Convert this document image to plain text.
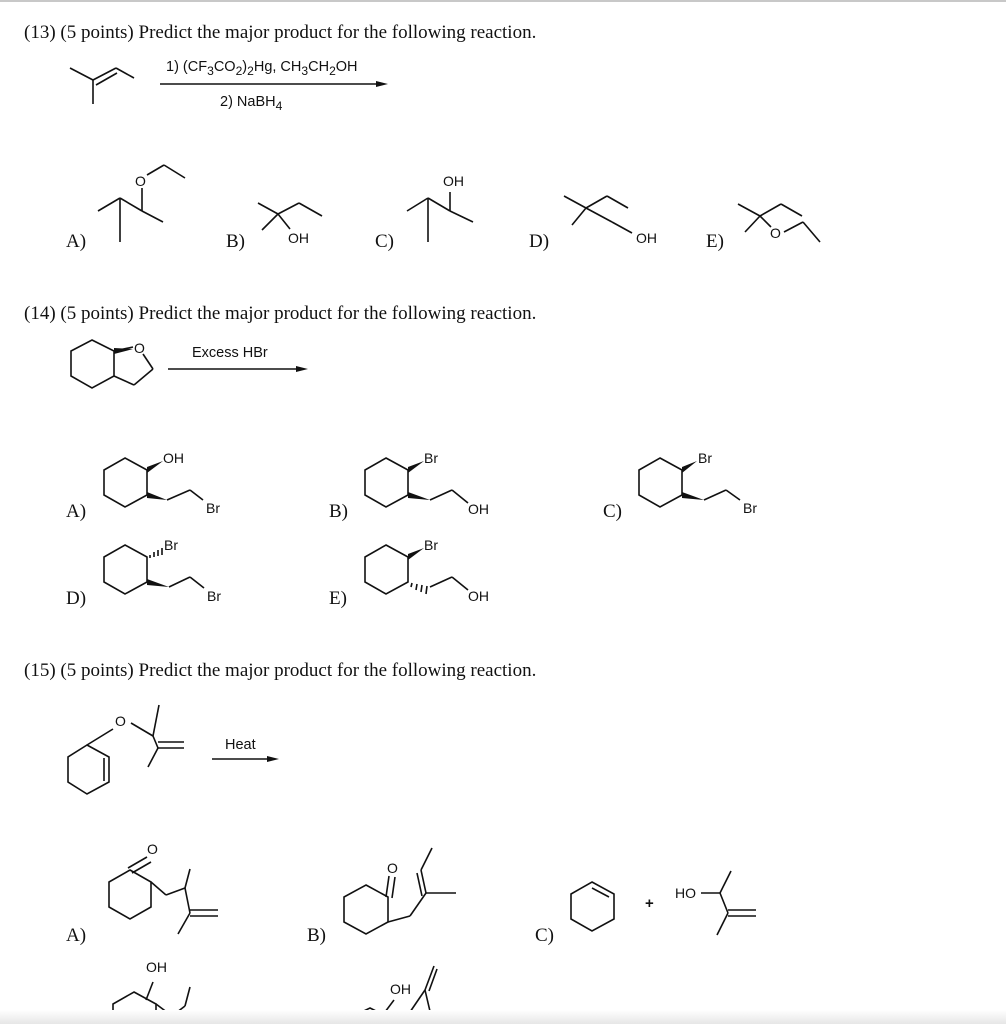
(13) (5 points) Predict the major product for the following reaction.
1) $(CF_3CO_2)_2Hg$, $CH_3CH_2OH$
2) NaBH$_4$
A)
O
B)	OH	C)
OH
D)	OH	E)	O
(14) (5 points) Predict the major product for the following reaction.
O	Excess HBr
A)
OH
Br	B)
Br
OH	C)
Br
Br
D)
Br
Br	E)
Br
OH
(15) (5 points) Predict the major product for the following reaction.
O
Heat
A)
O
B)
O
C)
+
HO
OH
OH
